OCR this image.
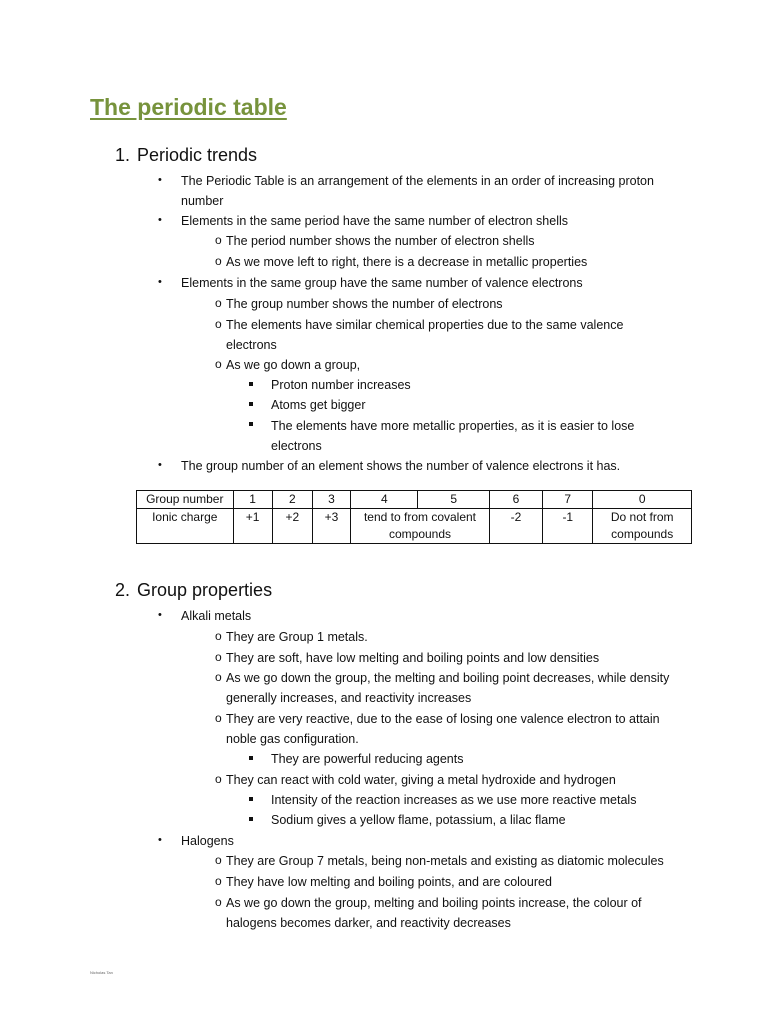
The periodic table
1. Periodic trends
• The Periodic Table is an arrangement of the elements in an order of increasing proton
number
• Elements in the same period have the same number of electron shells
o The period number shows the number of electron shells
o As we move left to right, there is a decrease in metallic properties
• Elements in the same group have the same number of valence electrons
o The group number shows the number of electrons
o The elements have similar chemical properties due to the same valence
electrons
o As we go down a group,
Proton number increases
Atoms get bigger
The elements have more metallic properties, as it is easier to lose
electrons
• The group number of an element shows the number of valence electrons it has.
Group number	1	2	3	4	5	6	7	0
Ionic charge	+1	+2	+3	tend to from covalent compounds		-2	-1	Do not from compounds
2. Group properties
• Alkali metals
o They are Group 1 metals.
o They are soft, have low melting and boiling points and low densities
o As we go down the group, the melting and boiling point decreases, while density
generally increases, and reactivity increases
o They are very reactive, due to the ease of losing one valence electron to attain
noble gas configuration.
They are powerful reducing agents
o They can react with cold water, giving a metal hydroxide and hydrogen
Intensity of the reaction increases as we use more reactive metals
Sodium gives a yellow flame, potassium, a lilac flame
• Halogens
o They are Group 7 metals, being non-metals and existing as diatomic molecules
o They have low melting and boiling points, and are coloured
o As we go down the group, melting and boiling points increase, the colour of
halogens becomes darker, and reactivity decreases
Nicholas Tan
